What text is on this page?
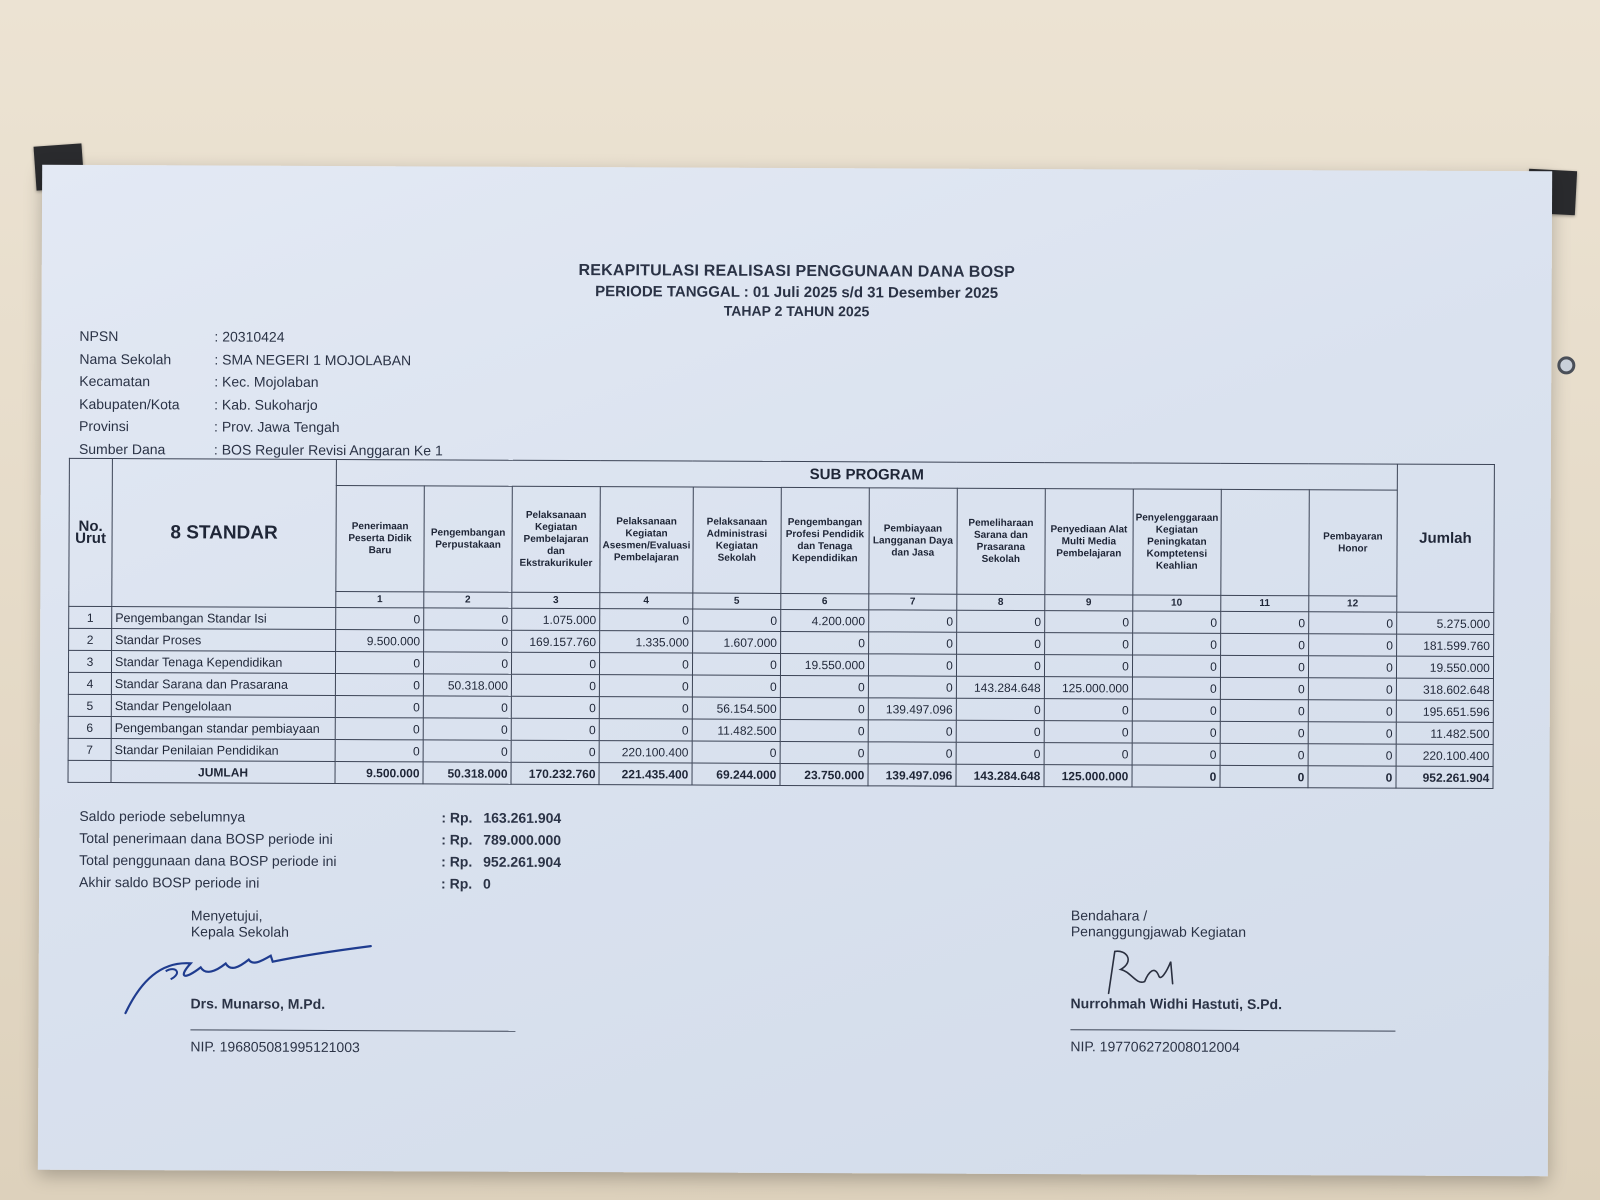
REKAPITULASI REALISASI PENGGUNAAN DANA BOSP
PERIODE TANGGAL : 01 Juli 2025 s/d 31 Desember 2025
TAHAP 2 TAHUN 2025
NPSN	: 20310424
Nama Sekolah	: SMA NEGERI 1 MOJOLABAN
Kecamatan	: Kec. Mojolaban
Kabupaten/Kota	: Kab. Sukoharjo
Provinsi	: Prov. Jawa Tengah
Sumber Dana	: BOS Reguler Revisi Anggaran Ke 1
No. Urut	8 STANDAR	SUB PROGRAM												Jumlah
		Penerimaan Peserta Didik Baru	Pengembangan Perpustakaan	Pelaksanaan Kegiatan Pembelajaran dan Ekstrakurikuler	Pelaksanaan Kegiatan Asesmen/Evaluasi Pembelajaran	Pelaksanaan Administrasi Kegiatan Sekolah	Pengembangan Profesi Pendidik dan Tenaga Kependidikan	Pembiayaan Langganan Daya dan Jasa	Pemeliharaan Sarana dan Prasarana Sekolah	Penyediaan Alat Multi Media Pembelajaran	Penyelenggaraan Kegiatan Peningkatan Komptetensi Keahlian		Pembayaran Honor	
		1	2	3	4	5	6	7	8	9	10	11	12	
1	Pengembangan Standar Isi	0	0	1.075.000	0	0	4.200.000	0	0	0	0	0	0	5.275.000
2	Standar Proses	9.500.000	0	169.157.760	1.335.000	1.607.000	0	0	0	0	0	0	0	181.599.760
3	Standar Tenaga Kependidikan	0	0	0	0	0	19.550.000	0	0	0	0	0	0	19.550.000
4	Standar Sarana dan Prasarana	0	50.318.000	0	0	0	0	0	143.284.648	125.000.000	0	0	0	318.602.648
5	Standar Pengelolaan	0	0	0	0	56.154.500	0	139.497.096	0	0	0	0	0	195.651.596
6	Pengembangan standar pembiayaan	0	0	0	0	11.482.500	0	0	0	0	0	0	0	11.482.500
7	Standar Penilaian Pendidikan	0	0	0	220.100.400	0	0	0	0	0	0	0	0	220.100.400
	JUMLAH	9.500.000	50.318.000	170.232.760	221.435.400	69.244.000	23.750.000	139.497.096	143.284.648	125.000.000	0	0	0	952.261.904
Saldo periode sebelumnya	: Rp. 163.261.904
Total penerimaan dana BOSP periode ini	: Rp. 789.000.000
Total penggunaan dana BOSP periode ini	: Rp. 952.261.904
Akhir saldo BOSP periode ini	: Rp. 0
Menyetujui,
Kepala Sekolah
Drs. Munarso, M.Pd.
NIP. 196805081995121003
Bendahara /
Penanggungjawab Kegiatan
Nurrohmah Widhi Hastuti, S.Pd.
NIP. 197706272008012004
